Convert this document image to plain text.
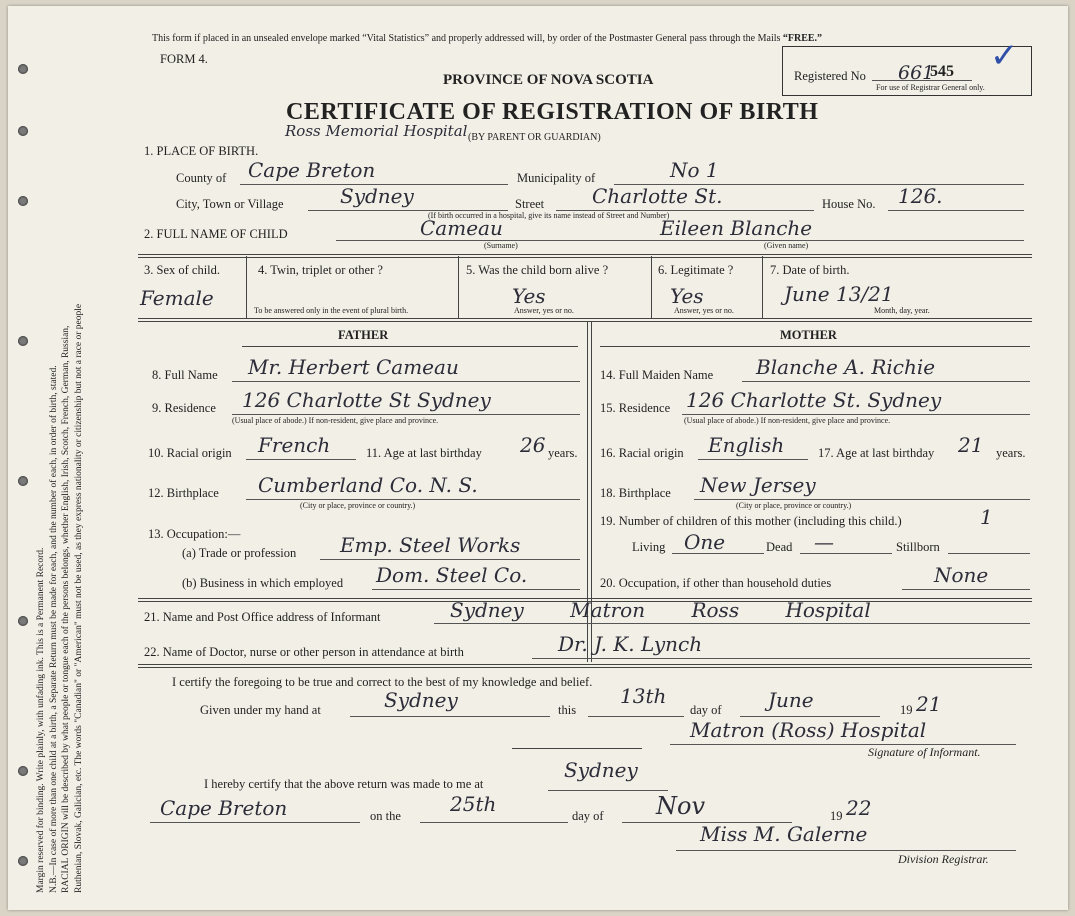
Margin reserved for binding. Write plainly, with unfading ink. This is a Permanent Record. N.B.—In case of more than one child at a birth, a Separate Return must be made for each, and the number of each, in order of birth, stated. RACIAL ORIGIN will be described by what people or tongue each of the persons belongs, whether English, Irish, Scotch, French, German, Russian, Ruthenian, Slovak, Galician, etc. The words "Canadian" or "American" must not be used, as they express nationality or citizenship but not a race or people
This form if placed in an unsealed envelope marked “Vital Statistics” and properly addressed will, by order of the Postmaster General pass through the Mails “FREE.”
FORM 4.
PROVINCE OF NOVA SCOTIA
CERTIFICATE OF REGISTRATION OF BIRTH
(BY PARENT OR GUARDIAN)
Registered No 661
545
For use of Registrar General only.
✓
1. PLACE OF BIRTH.
Ross Memorial Hospital
County of Cape Breton	Municipality of	No 1
City, Town or Village	Sydney	Street Charlotte St.	House No. 126.
(If birth occurred in a hospital, give its name instead of Street and Number)
2. FULL NAME OF CHILD	Cameau	Eileen Blanche
(Surname)	(Given name)
3. Sex of child.
Female
4. Twin, triplet or other ?
To be answered only in the event of plural birth.
5. Was the child born alive ?
Yes
Answer, yes or no.
6. Legitimate ?
Yes
Answer, yes or no.
7. Date of birth.
June 13/21
Month, day, year.
FATHER	MOTHER
8. Full Name Mr. Herbert Cameau
9. Residence 126 Charlotte St Sydney
(Usual place of abode.) If non-resident, give place and province.
10. Racial origin French	11. Age at last birthday 26 years.
12. Birthplace Cumberland Co. N. S.
(City or place, province or country.)
13. Occupation:—
(a) Trade or profession Emp. Steel Works
(b) Business in which employed Dom. Steel Co.
14. Full Maiden Name Blanche A. Richie
15. Residence 126 Charlotte St. Sydney
(Usual place of abode.) If non-resident, give place and province.
16. Racial origin English	17. Age at last birthday 21 years.
18. Birthplace New Jersey
(City or place, province or country.)
19. Number of children of this mother (including this child.)	1
Living One	Dead —	Stillborn
20. Occupation, if other than household duties	None
21. Name and Post Office address of Informant	Sydney Matron Ross Hospital
22. Name of Doctor, nurse or other person in attendance at birth	Dr. J. K. Lynch
I certify the foregoing to be true and correct to the best of my knowledge and belief.
Given under my hand at	Sydney	this
13th
day of June	19 21
Matron (Ross) Hospital
Signature of Informant.
I hereby certify that the above return was made to me at
Sydney
Cape Breton	on the 25th	day of Nov	19 22
Miss M. Galerne
Division Registrar.
